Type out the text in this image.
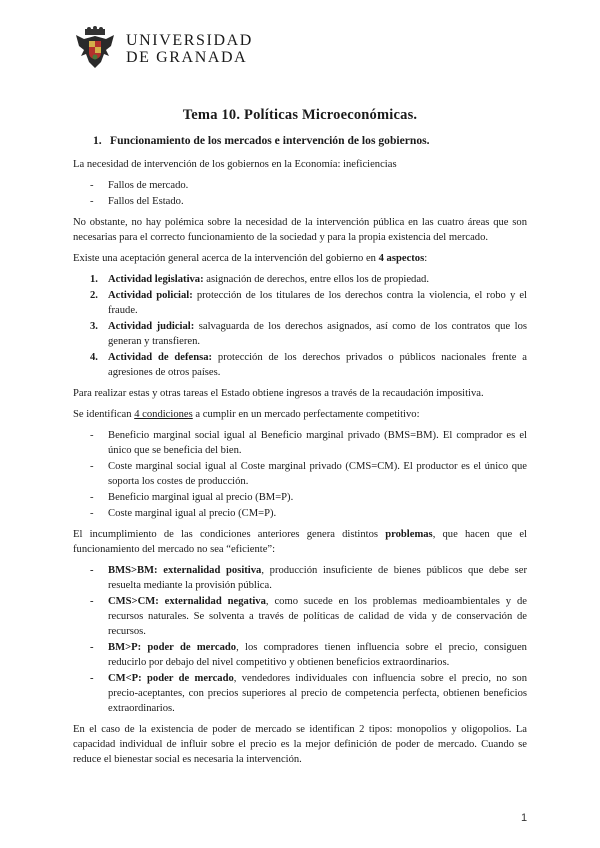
UNIVERSIDAD
DE GRANADA
Tema 10. Políticas Microeconómicas.
1. Funcionamiento de los mercados e intervención de los gobiernos.

La necesidad de intervención de los gobiernos en la Economía: ineficiencias

- Fallos de mercado.
- Fallos del Estado.

No obstante, no hay polémica sobre la necesidad de la intervención pública en las cuatro áreas que son necesarias para el correcto funcionamiento de la sociedad y para la propia existencia del mercado.

Existe una aceptación general acerca de la intervención del gobierno en 4 aspectos:

1. Actividad legislativa: asignación de derechos, entre ellos los de propiedad.
2. Actividad policial: protección de los titulares de los derechos contra la violencia, el robo y el fraude.
3. Actividad judicial: salvaguarda de los derechos asignados, así como de los contratos que los generan y transfieren.
4. Actividad de defensa: protección de los derechos privados o públicos nacionales frente a agresiones de otros países.

Para realizar estas y otras tareas el Estado obtiene ingresos a través de la recaudación impositiva.

Se identifican 4 condiciones a cumplir en un mercado perfectamente competitivo:

- Beneficio marginal social igual al Beneficio marginal privado (BMS=BM). El comprador es el único que se beneficia del bien.
- Coste marginal social igual al Coste marginal privado (CMS=CM). El productor es el único que soporta los costes de producción.
- Beneficio marginal igual al precio (BM=P).
- Coste marginal igual al precio (CM=P).

El incumplimiento de las condiciones anteriores genera distintos problemas, que hacen que el funcionamiento del mercado no sea “eficiente”:

- BMS>BM: externalidad positiva, producción insuficiente de bienes públicos que debe ser resuelta mediante la provisión pública.
- CMS>CM: externalidad negativa, como sucede en los problemas medioambientales y de recursos naturales. Se solventa a través de políticas de calidad de vida y de conservación de recursos.
- BM>P: poder de mercado, los compradores tienen influencia sobre el precio, consiguen reducirlo por debajo del nivel competitivo y obtienen beneficios extraordinarios.
- CM<P: poder de mercado, vendedores individuales con influencia sobre el precio, no son precio-aceptantes, con precios superiores al precio de competencia perfecta, obtienen beneficios extraordinarios.

En el caso de la existencia de poder de mercado se identifican 2 tipos: monopolios y oligopolios. La capacidad individual de influir sobre el precio es la mejor definición de poder de mercado. Cuando se reduce el bienestar social es necesaria la intervención.

1
